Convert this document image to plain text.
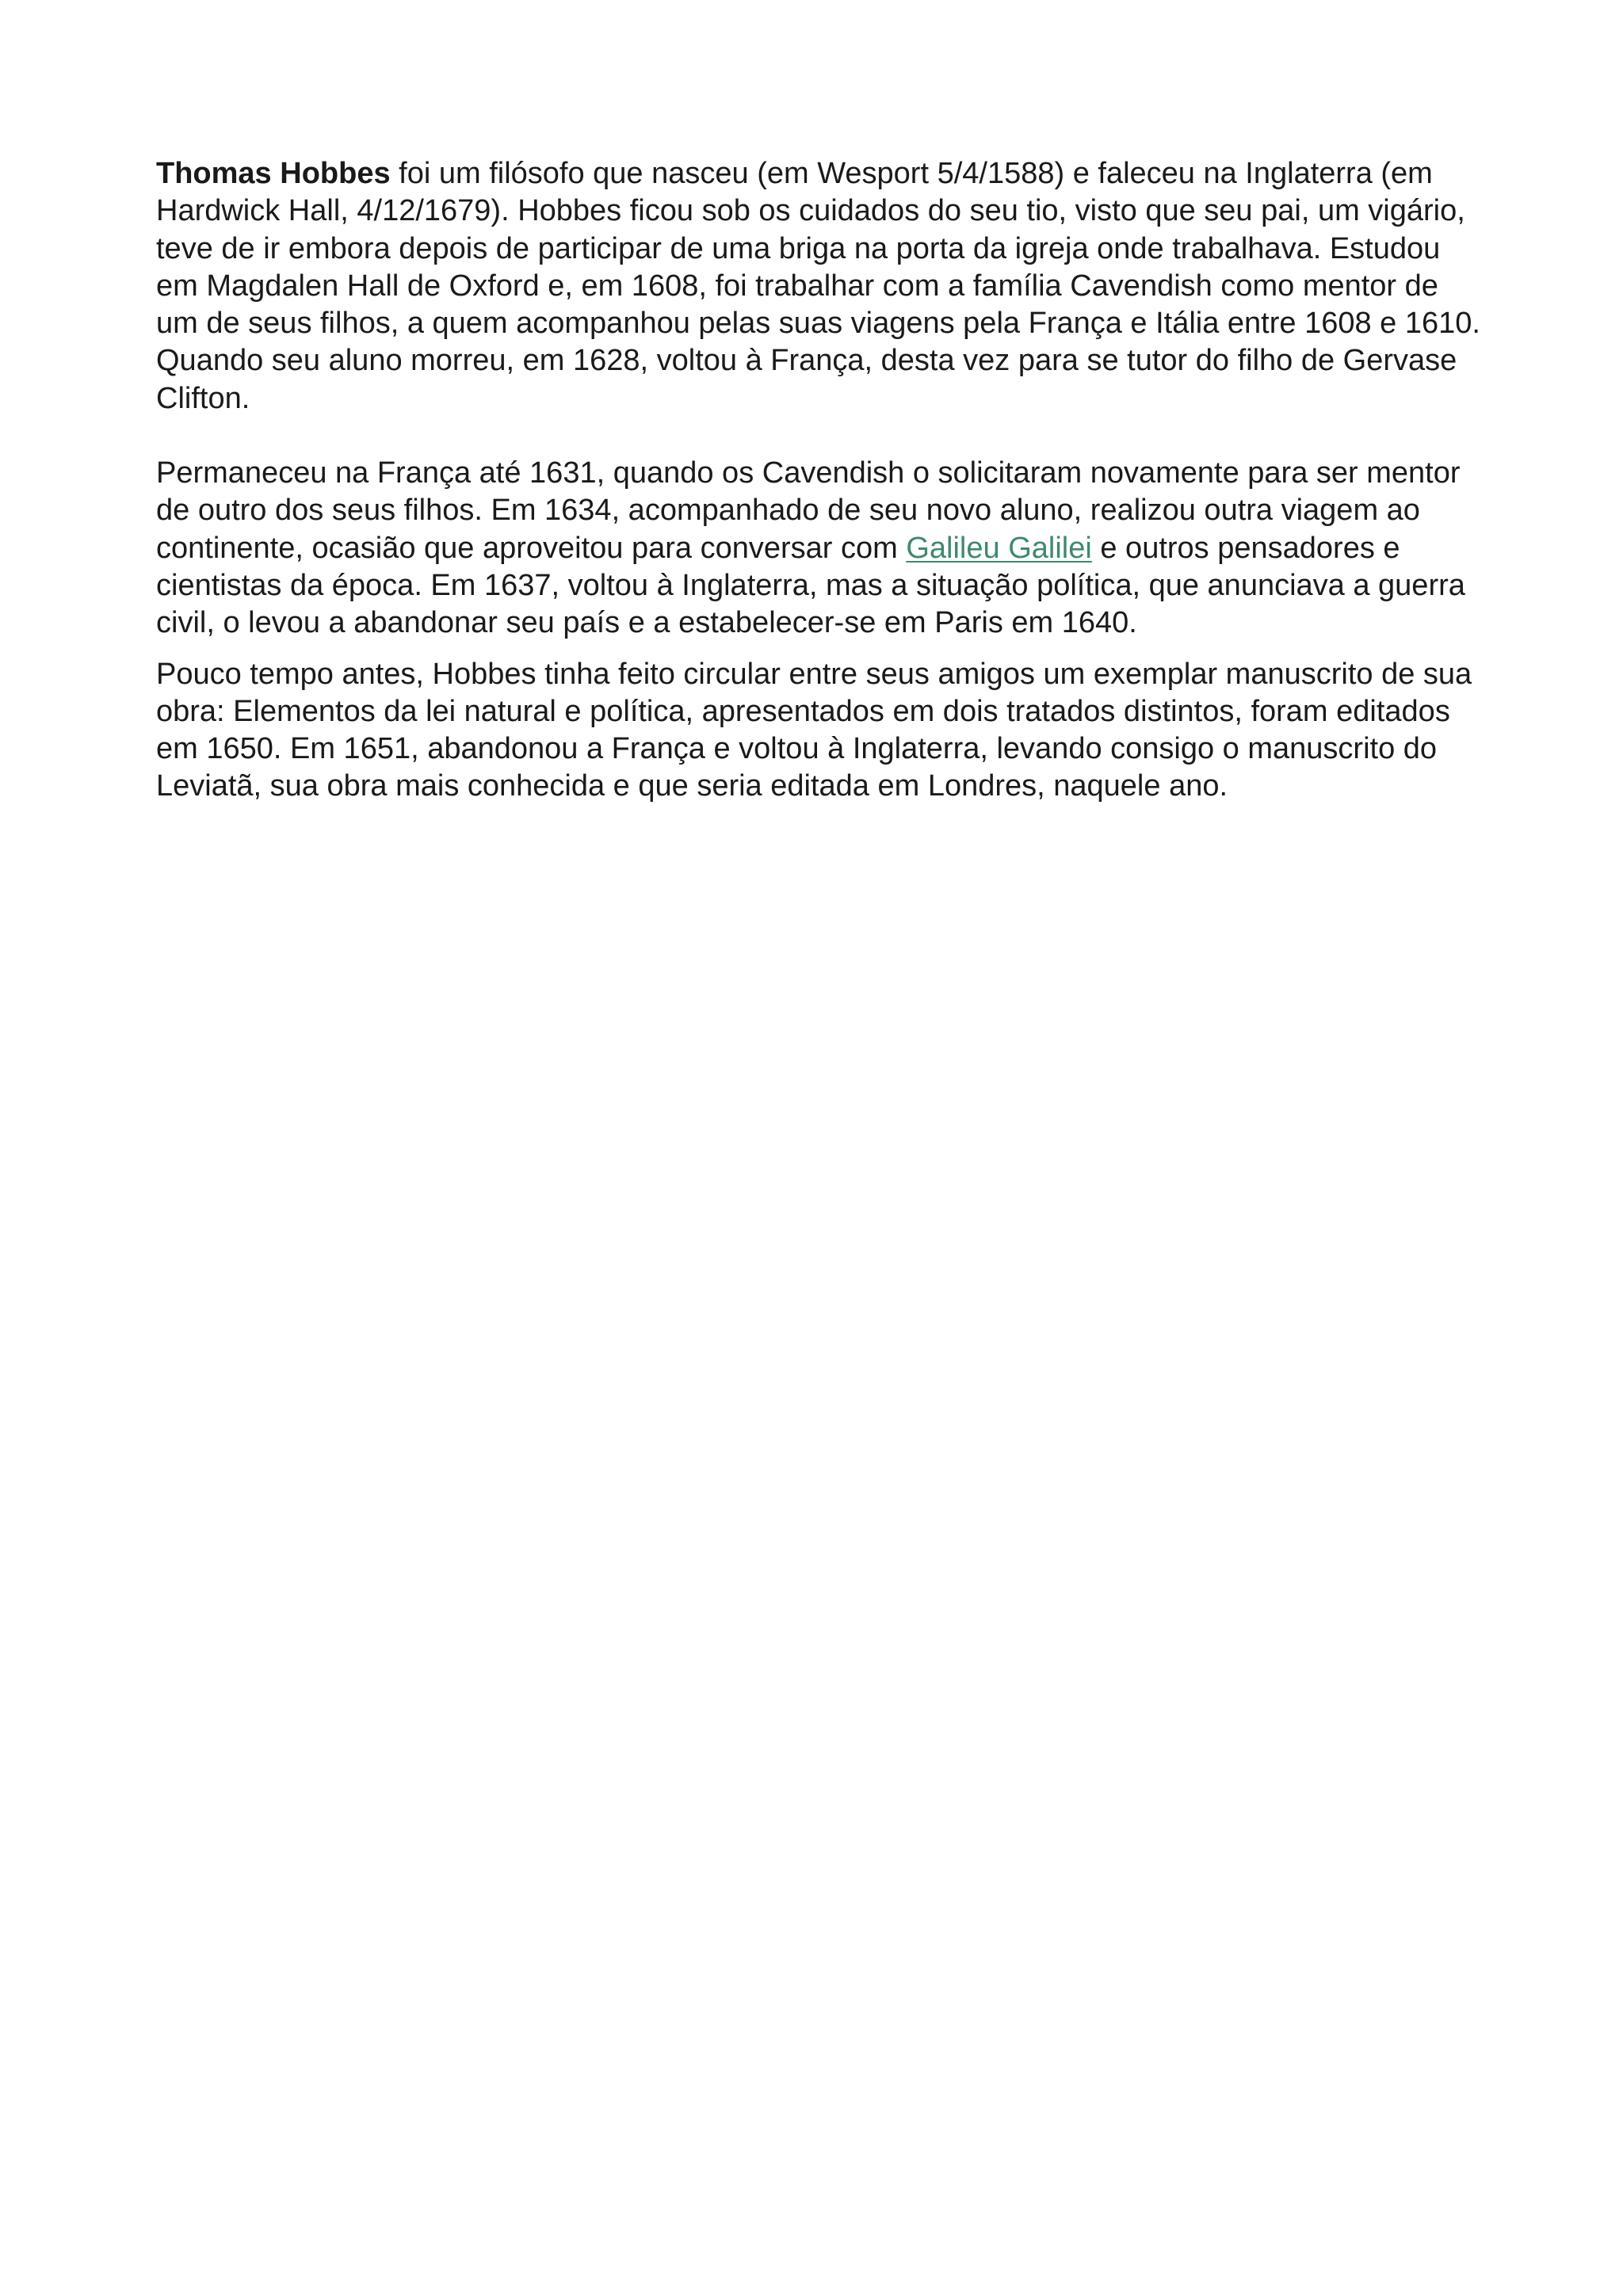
Thomas Hobbes foi um filósofo que nasceu (em Wesport 5/4/1588) e faleceu na Inglaterra (em Hardwick Hall, 4/12/1679). Hobbes ficou sob os cuidados do seu tio, visto que seu pai, um vigário, teve de ir embora depois de participar de uma briga na porta da igreja onde trabalhava. Estudou em Magdalen Hall de Oxford e, em 1608, foi trabalhar com a família Cavendish como mentor de um de seus filhos, a quem acompanhou pelas suas viagens pela França e Itália entre 1608 e 1610. Quando seu aluno morreu, em 1628, voltou à França, desta vez para se tutor do filho de Gervase Clifton.

Permaneceu na França até 1631, quando os Cavendish o solicitaram novamente para ser mentor de outro dos seus filhos. Em 1634, acompanhado de seu novo aluno, realizou outra viagem ao continente, ocasião que aproveitou para conversar com Galileu Galilei e outros pensadores e cientistas da época. Em 1637, voltou à Inglaterra, mas a situação política, que anunciava a guerra civil, o levou a abandonar seu país e a estabelecer-se em Paris em 1640.

Pouco tempo antes, Hobbes tinha feito circular entre seus amigos um exemplar manuscrito de sua obra: Elementos da lei natural e política, apresentados em dois tratados distintos, foram editados em 1650. Em 1651, abandonou a França e voltou à Inglaterra, levando consigo o manuscrito do Leviatã, sua obra mais conhecida e que seria editada em Londres, naquele ano.
